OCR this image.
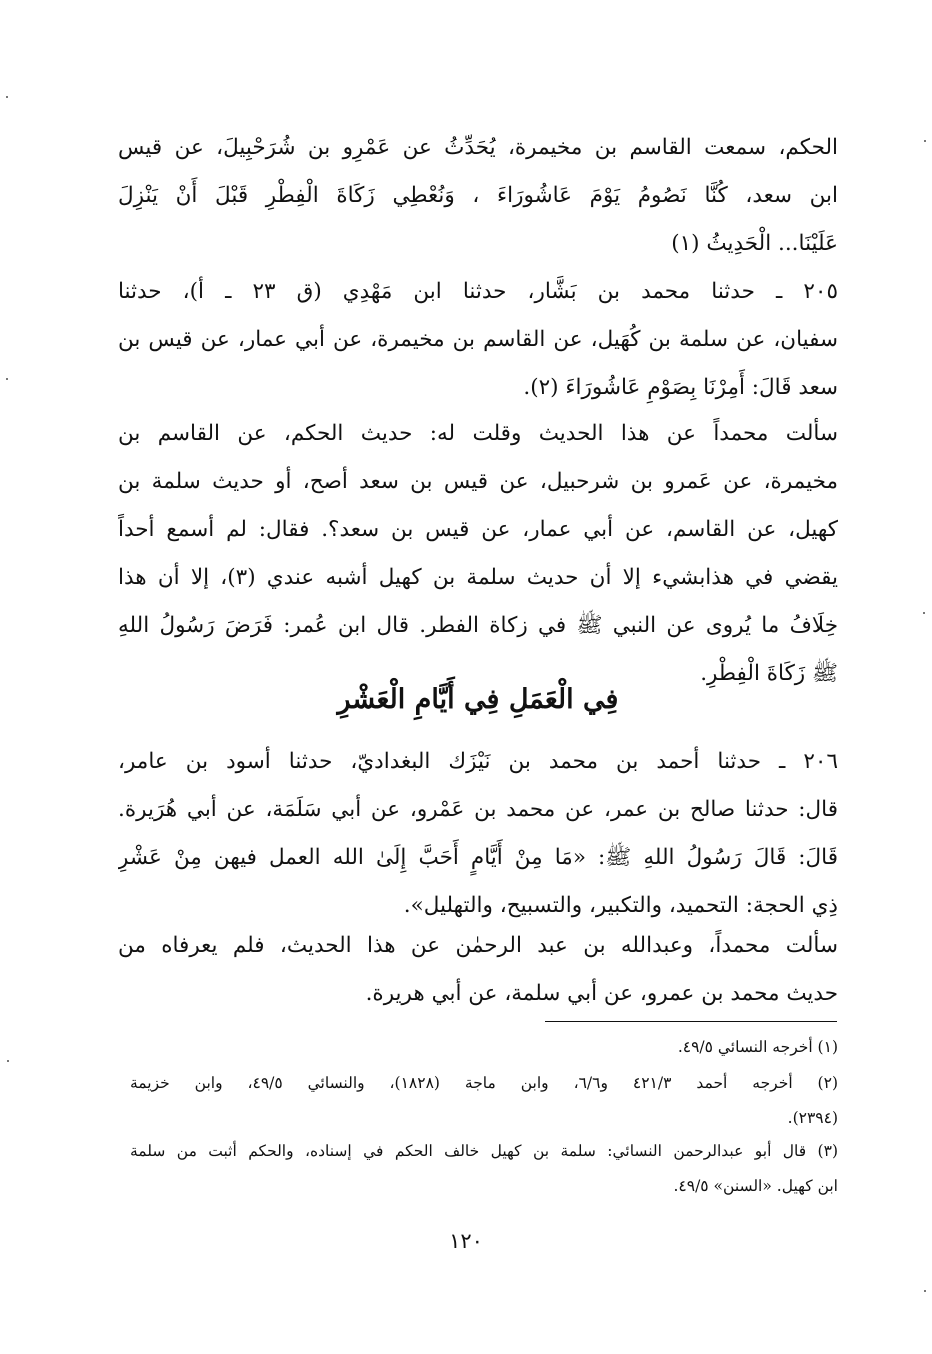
الحكم، سمعت القاسم بن مخيمرة، يُحَدِّثُ عن عَمْرِو بن شُرَحْبِيلَ، عن قيس
ابن سعد، كُنَّا نَصُومُ يَوْمَ عَاشُورَاءَ ، وَنُعْطِي زَكَاةَ الْفِطْرِ قَبْلَ أَنْ يَنْزِلَ
عَلَيْنَا... الْحَدِيثُ (١)
٢٠٥ ـ حدثنا محمد بن بَشَّار، حدثنا ابن مَهْدِي (ق ٢٣ ـ أ)، حدثنا
سفيان، عن سلمة بن كُهَيل، عن القاسم بن مخيمرة، عن أبي عمار، عن قيس بن
سعد قَالَ: أَمِرْنَا بِصَوْمِ عَاشُورَاءَ (٢).
سألت محمداً عن هذا الحديث وقلت له: حديث الحكم، عن القاسم بن
مخيمرة، عن عَمرو بن شرحبيل، عن قيس بن سعد أصح، أو حديث سلمة بن
كهيل، عن القاسم، عن أبي عمار، عن قيس بن سعد؟. فقال: لم أسمع أحداً
يقضي في هذابشيء إلا أن حديث سلمة بن كهيل أشبه عندي (٣)، إلا أن هذا
خِلَافُ ما يُروى عن النبي ﷺ في زكاة الفطر. قال ابن عُمر: فَرَضَ رَسُولُ اللهِ
ﷺ زَكَاةَ الْفِطْرِ.
فِي الْعَمَلِ فِي أَيَّامِ الْعَشْرِ
٢٠٦ ـ حدثنا أحمد بن محمد بن نَيْزَك البغداديّ، حدثنا أسود بن عامر،
قال: حدثنا صالح بن عمر، عن محمد بن عَمْرو، عن أبي سَلَمَة، عن أبي هُرَيرة.
قَالَ: قَالَ رَسُولُ اللهِ ﷺ: «مَا مِنْ أَيَّامٍ أَحَبَّ إِلَىٰ الله العمل فيهن مِنْ عَشْرِ
ذِي الحجة: التحميد، والتكبير، والتسبيح، والتهليل».
سألت محمداً، وعبدالله بن عبد الرحمٰن عن هذا الحديث، فلم يعرفاه من
حديث محمد بن عمرو، عن أبي سلمة، عن أبي هريرة.
(١) أخرجه النسائي ٤٩/٥.
(٢) أخرجه أحمد ٤٢١/٣ و٦/٦، وابن ماجة (١٨٢٨)، والنسائي ٤٩/٥، وابن خزيمة
(٢٣٩٤).
(٣) قال أبو عبدالرحمن النسائي: سلمة بن كهيل خالف الحكم في إسناده، والحكم أثبت من سلمة
ابن كهيل. «السنن» ٤٩/٥.
١٢٠
